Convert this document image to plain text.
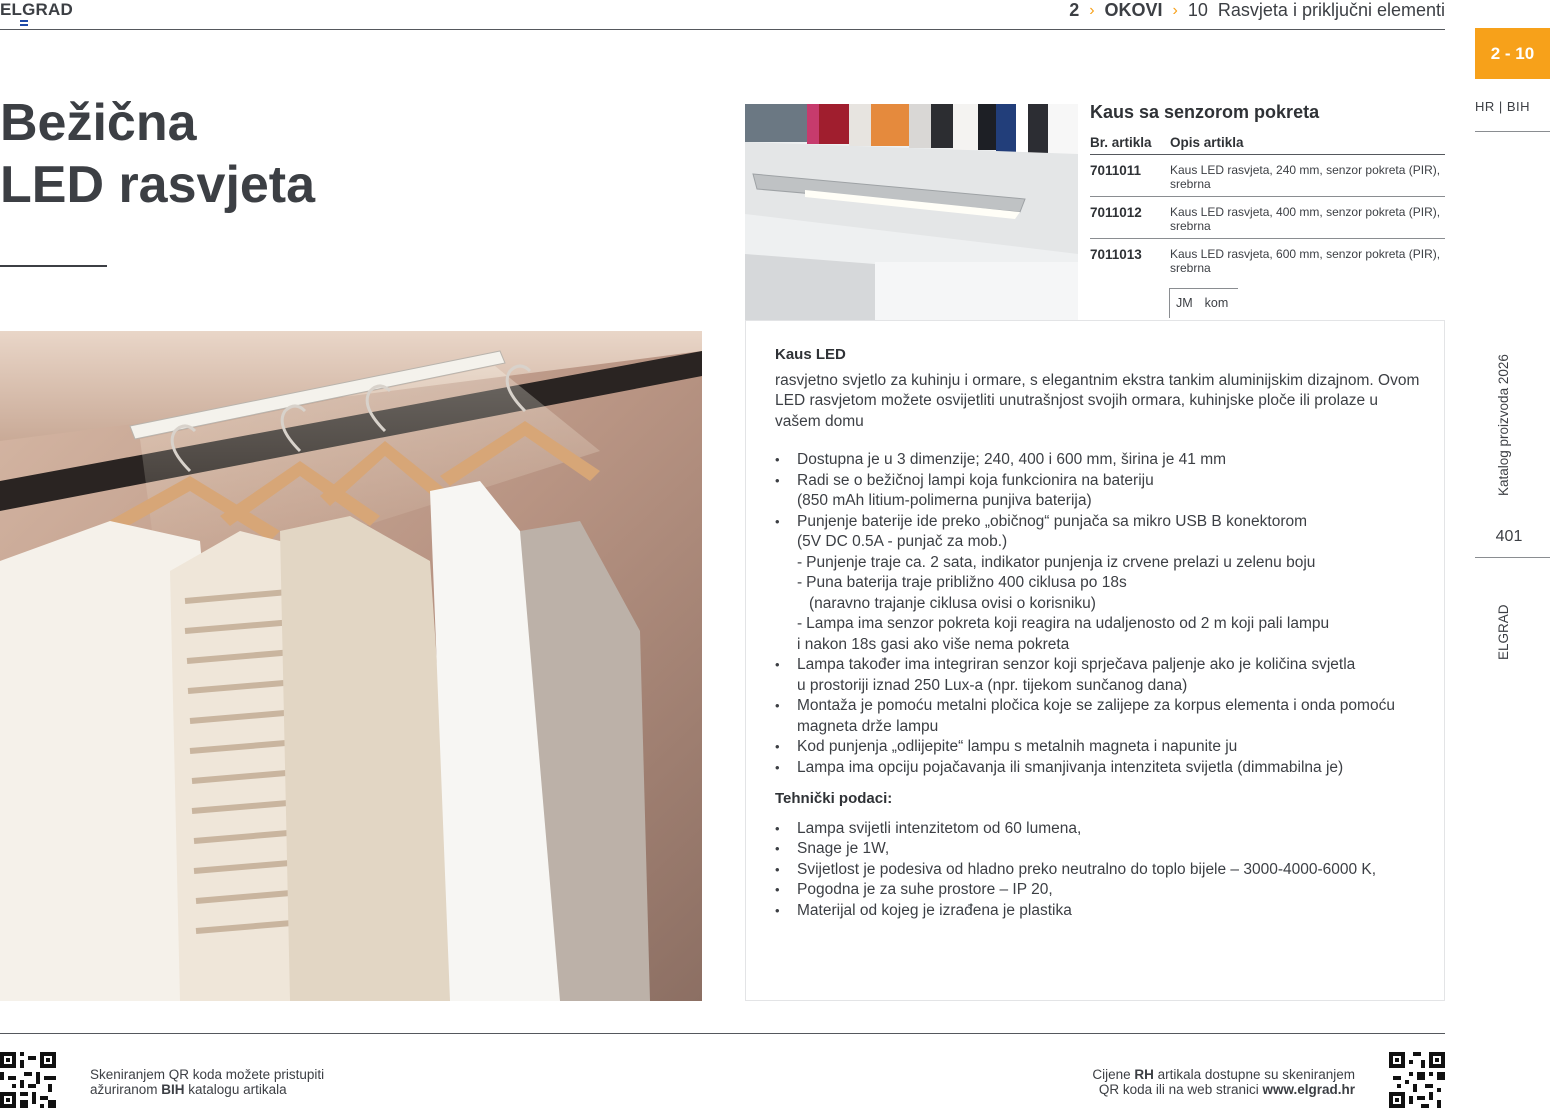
ELGRAD	2 › OKOVI › 10 Rasvjeta i priključni elementi
2 - 10
HR | BIH
Katalog proizvoda 2026
401
ELGRAD
Bežična
LED rasvjeta
Kaus sa senzorom pokreta
Br. artikla	Opis artikla
7011011	Kaus LED rasvjeta, 240 mm, senzor pokreta (PIR), srebrna
7011012	Kaus LED rasvjeta, 400 mm, senzor pokreta (PIR), srebrna
7011013	Kaus LED rasvjeta, 600 mm, senzor pokreta (PIR), srebrna
JM kom
Kaus LED

rasvjetno svjetlo za kuhinju i ormare, s elegantnim ekstra tankim aluminijskim dizajnom. Ovom LED rasvjetom možete osvijetliti unutrašnjost svojih ormara, kuhinjske ploče ili prolaze u vašem domu

• Dostupna je u 3 dimenzije; 240, 400 i 600 mm, širina je 41 mm
• Radi se o bežičnoj lampi koja funkcionira na bateriju
(850 mAh litium-polimerna punjiva baterija)
• Punjenje baterije ide preko „običnog“ punjača sa mikro USB B konektorom
(5V DC 0.5A - punjač za mob.)
- Punjenje traje ca. 2 sata, indikator punjenja iz crvene prelazi u zelenu boju
- Puna baterija traje približno 400 ciklusa po 18s
(naravno trajanje ciklusa ovisi o korisniku)
- Lampa ima senzor pokreta koji reagira na udaljenosto od 2 m koji pali lampu
i nakon 18s gasi ako više nema pokreta
• Lampa također ima integriran senzor koji sprječava paljenje ako je količina svjetla
u prostoriji iznad 250 Lux-a (npr. tijekom sunčanog dana)
• Montaža je pomoću metalni pločica koje se zalijepe za korpus elementa i onda pomoću
magneta drže lampu
• Kod punjenja „odlijepite“ lampu s metalnih magneta i napunite ju
• Lampa ima opciju pojačavanja ili smanjivanja intenziteta svijetla (dimmabilna je)
Tehnički podaci:
• Lampa svijetli intenzitetom od 60 lumena,
• Snage je 1W,
• Svijetlost je podesiva od hladno preko neutralno do toplo bijele – 3000-4000-6000 K,
• Pogodna je za suhe prostore – IP 20,
• Materijal od kojeg je izrađena je plastika
Skeniranjem QR koda možete pristupiti
ažuriranom BIH katalogu artikala
Cijene RH artikala dostupne su skeniranjem
QR koda ili na web stranici www.elgrad.hr
